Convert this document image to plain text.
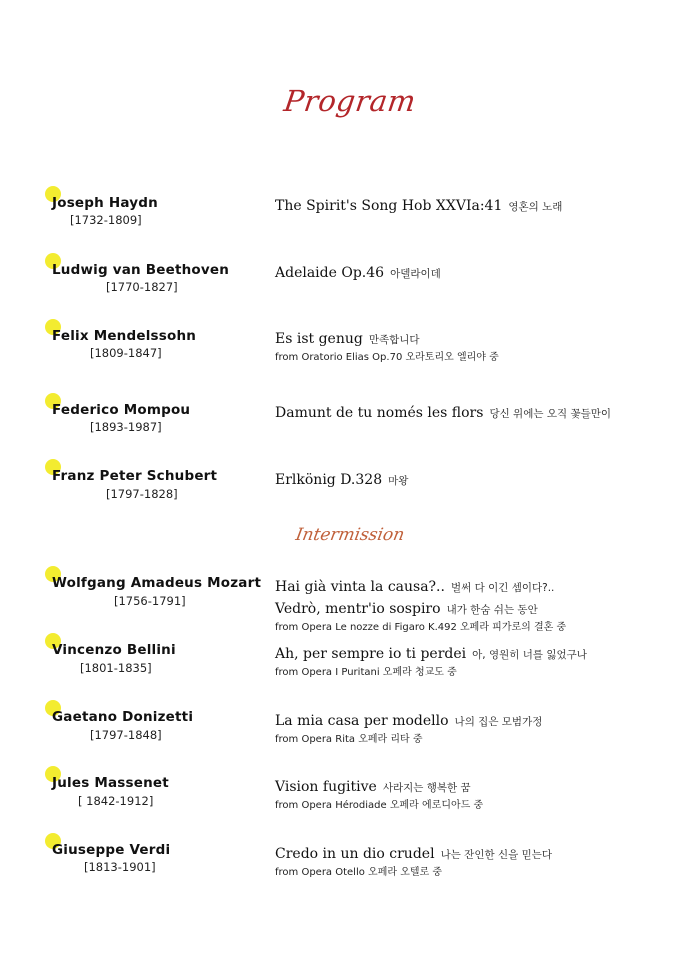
Program
Joseph Haydn
[1732-1809]
The Spirit's Song Hob XXVIa:41 영혼의 노래
Ludwig van Beethoven
[1770-1827]
Adelaide Op.46 아델라이데
Felix Mendelssohn
[1809-1847]
Es ist genug 만족합니다
from Oratorio Elias Op.70 오라토리오 엘리야 중
Federico Mompou
[1893-1987]
Damunt de tu només les flors 당신 위에는 오직 꽃들만이
Franz Peter Schubert
[1797-1828]
Erlkönig D.328 마왕
Intermission
Wolfgang Amadeus Mozart
[1756-1791]
Hai già vinta la causa?.. 벌써 다 이긴 셈이다?..
Vedrò, mentr'io sospiro 내가 한숨 쉬는 동안
from Opera Le nozze di Figaro K.492 오페라 피가로의 결혼 중
Vincenzo Bellini
[1801-1835]
Ah, per sempre io ti perdei 아, 영원히 너를 잃었구나
from Opera I Puritani 오페라 청교도 중
Gaetano Donizetti
[1797-1848]
La mia casa per modello 나의 집은 모범가정
from Opera Rita 오페라 리타 중
Jules Massenet
[ 1842-1912]
Vision fugitive 사라지는 행복한 꿈
from Opera Hérodiade 오페라 에로디아드 중
Giuseppe Verdi
[1813-1901]
Credo in un dio crudel 나는 잔인한 신을 믿는다
from Opera Otello 오페라 오텔로 중
